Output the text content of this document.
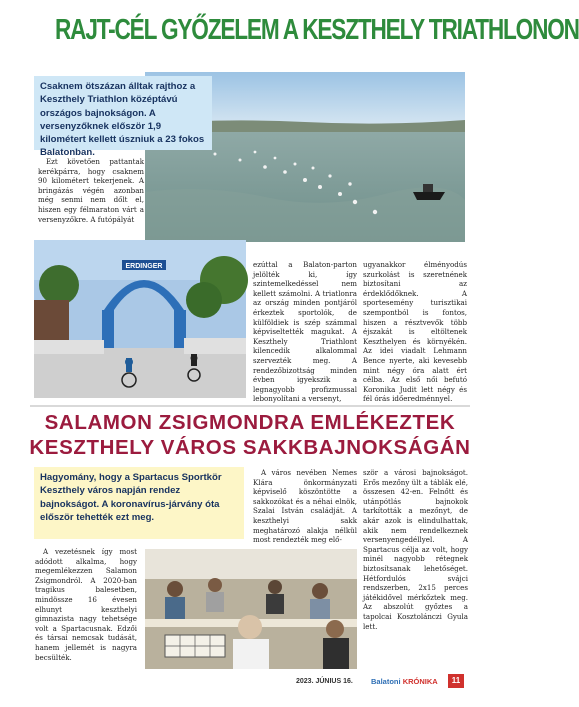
RAJT-CÉL GYŐZELEM A KESZTHELY TRIATHLONON
Csaknem ötszázan álltak rajthoz a Keszthely Triathlon középtávú országos bajnokságon. A versenyzőknek először 1,9 kilométert kellett úszniuk a 23 fokos Balatonban.

Ezt követően pattantak kerékpárra, hogy csaknem 90 kilométert tekerjenek. A bringázás végén azonban még senmi nem dőlt el, hiszen egy félmaraton várt a versenyzőkre. A futópályát

ERDINGER	ezúttal a Balaton-parton jelölték ki, így szintemelkedéssel nem kellett számolni. A triatlonra az ország minden pontjáról érkeztek sportolók, de külföldiek is szép számmal képviseltették magukat. A Keszthely Triathlont kilencedik alkalommal szervezték meg. A rendezőbizottság minden évben igyekszik a legnagyobb profizmussal lebonyolítani a versenyt,

ugyanakkor élményodús szurkolást is szeretnének biztosítani az érdeklődőknek. A sportesemény turisztikai szempontból is fontos, hiszen a résztvevők több éjszakát is eltöltenek Keszthelyen és környékén. Az idei viadalt Lehmann Bence nyerte, aki kevesebb mint négy óra alatt ért célba. Az első női befutó Koronika Judit lett négy és fél órás időeredménnyel.

SALAMON ZSIGMONDRA EMLÉKEZTEK
KESZTHELY VÁROS SAKKBAJNOKSÁGÁN
Hagyomány, hogy a Spartacus Sportkör Keszthely város napján rendez bajnokságot. A koronavírus-járvány óta először tehették ezt meg.

A vezetésnek így most adódott alkalma, hogy megemlékezzen Salamon Zsigmondról. A 2020-ban tragikus balesetben, mindössze 16 évesen elhunyt keszthelyi gimnazista nagy tehetsége volt a Spartacusnak. Edzői és társai nemcsak tudását, hanem jellemét is nagyra becsülték.

A város nevében Nemes Klára önkormányzati képviselő köszöntötte a sakkozókat és a néhai elnök, Szalai István családját. A keszthelyi sakk meghatározó alakja nélkül most rendezték meg elő-

ször a városi bajnokságot. Erős mezőny ült a táblák elé, összesen 42-en. Felnőtt és utánpótlás bajnokok tarkították a mezőnyt, de akár azok is elindulhattak, akik nem rendelkeznek versenyengedéllyel. A Spartacus célja az volt, hogy minél nagyobb rétegnek biztosítsanak lehetőséget. Hétfordulós svájci rendszerben, 2x15 perces játékidővel mérkőztek meg. Az abszolút győztes a tapolcai Kosztolánczi Gyula lett.

2023. JÚNIUS 16. Balatoni KRÓNIKA	11
